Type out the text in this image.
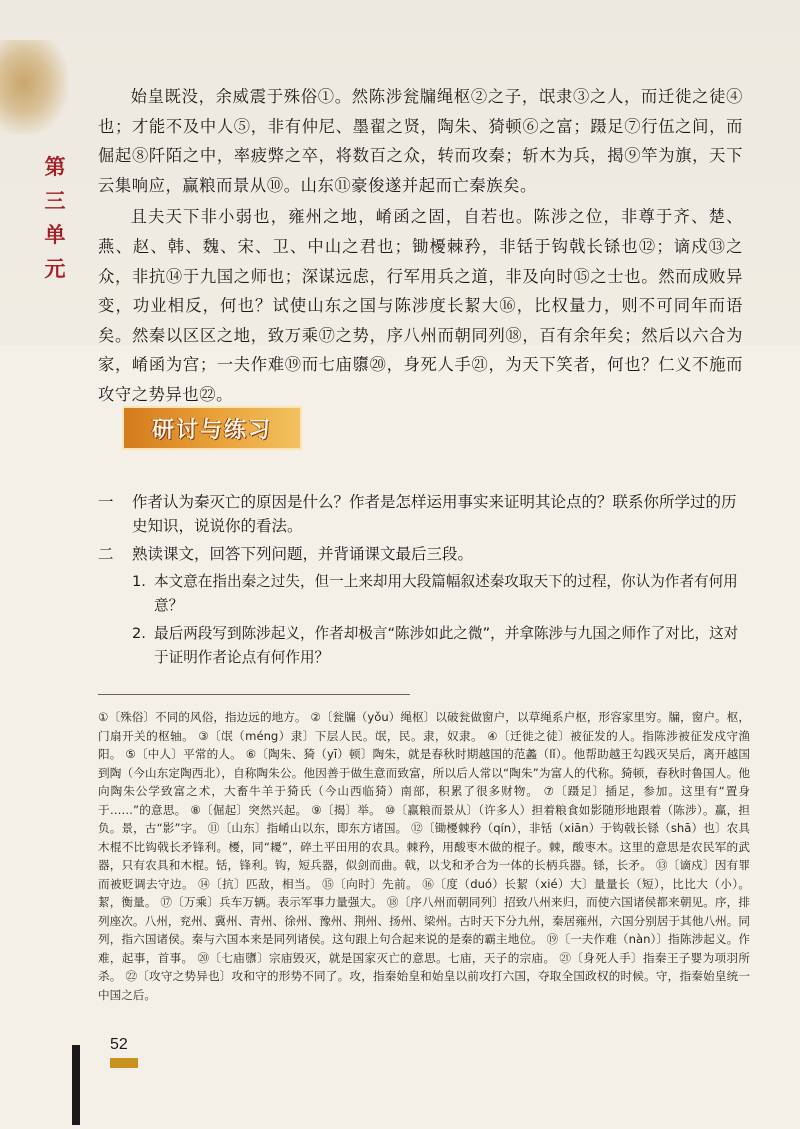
第
三
单
元

始皇既没，余威震于殊俗①。然陈涉瓮牖绳枢②之子，氓隶③之人，而迁徙之徒④也；才能不及中人⑤，非有仲尼、墨翟之贤，陶朱、猗顿⑥之富；蹑足⑦行伍之间，而倔起⑧阡陌之中，率疲弊之卒，将数百之众，转而攻秦；斩木为兵，揭⑨竿为旗，天下云集响应，赢粮而景从⑩。山东⑪豪俊遂并起而亡秦族矣。

且夫天下非小弱也，雍州之地，崤函之固，自若也。陈涉之位，非尊于齐、楚、燕、赵、韩、魏、宋、卫、中山之君也；锄櫌棘矜，非铦于钩戟长铩也⑫；谪戍⑬之众，非抗⑭于九国之师也；深谋远虑，行军用兵之道，非及向时⑮之士也。然而成败异变，功业相反，何也？试使山东之国与陈涉度长絜大⑯，比权量力，则不可同年而语矣。然秦以区区之地，致万乘⑰之势，序八州而朝同列⑱，百有余年矣；然后以六合为家，崤函为宫；一夫作难⑲而七庙隳⑳，身死人手㉑，为天下笑者，何也？仁义不施而攻守之势异也㉒。

研讨与练习
一	作者认为秦灭亡的原因是什么？作者是怎样运用事实来证明其论点的？联系你所学过的历史知识，说说你的看法。
二	熟读课文，回答下列问题，并背诵课文最后三段。
1. 本文意在指出秦之过失，但一上来却用大段篇幅叙述秦攻取天下的过程，你认为作者有何用意？
2. 最后两段写到陈涉起义，作者却极言“陈涉如此之微”，并拿陈涉与九国之师作了对比，这对于证明作者论点有何作用？
①〔殊俗〕不同的风俗，指边远的地方。 ②〔瓮牖（yǒu）绳枢〕以破瓮做窗户，以草绳系户枢，形容家里穷。牖，窗户。枢，门扇开关的枢轴。 ③〔氓（méng）隶〕下层人民。氓，民。隶，奴隶。 ④〔迁徙之徒〕被征发的人。指陈涉被征发戍守渔阳。 ⑤〔中人〕平常的人。 ⑥〔陶朱、猗（yī）顿〕陶朱，就是春秋时期越国的范蠡（lǐ）。他帮助越王勾践灭吴后，离开越国到陶（今山东定陶西北），自称陶朱公。他因善于做生意而致富，所以后人常以“陶朱”为富人的代称。猗顿，春秋时鲁国人。他向陶朱公学致富之术，大畜牛羊于猗氏（今山西临猗）南部，积累了很多财物。 ⑦〔蹑足〕插足，参加。这里有“置身于……”的意思。 ⑧〔倔起〕突然兴起。 ⑨〔揭〕举。 ⑩〔赢粮而景从〕（许多人）担着粮食如影随形地跟着（陈涉）。赢，担负。景，古“影”字。 ⑪〔山东〕指崤山以东，即东方诸国。 ⑫〔锄櫌棘矜（qín），非铦（xiān）于钩戟长铩（shā）也〕农具木棍不比钩戟长矛锋利。櫌，同“耰”，碎土平田用的农具。棘矜，用酸枣木做的棍子。棘，酸枣木。这里的意思是农民军的武器，只有农具和木棍。铦，锋利。钩，短兵器，似剑而曲。戟，以戈和矛合为一体的长柄兵器。铩，长矛。 ⑬〔谪戍〕因有罪而被贬调去守边。 ⑭〔抗〕匹敌，相当。 ⑮〔向时〕先前。 ⑯〔度（duó）长絜（xié）大〕量量长（短），比比大（小）。絜，衡量。 ⑰〔万乘〕兵车万辆。表示军事力量强大。 ⑱〔序八州而朝同列〕招致八州来归，而使六国诸侯都来朝见。序，排列座次。八州，兖州、冀州、青州、徐州、豫州、荆州、扬州、梁州。古时天下分九州，秦居雍州，六国分别居于其他八州。同列，指六国诸侯。秦与六国本来是同列诸侯。这句跟上句合起来说的是秦的霸主地位。 ⑲〔一夫作难（nàn）〕指陈涉起义。作难，起事，首事。 ⑳〔七庙隳〕宗庙毁灭，就是国家灭亡的意思。七庙，天子的宗庙。 ㉑〔身死人手〕指秦王子婴为项羽所杀。 ㉒〔攻守之势异也〕攻和守的形势不同了。攻，指秦始皇和始皇以前攻打六国，夺取全国政权的时候。守，指秦始皇统一中国之后。
52
